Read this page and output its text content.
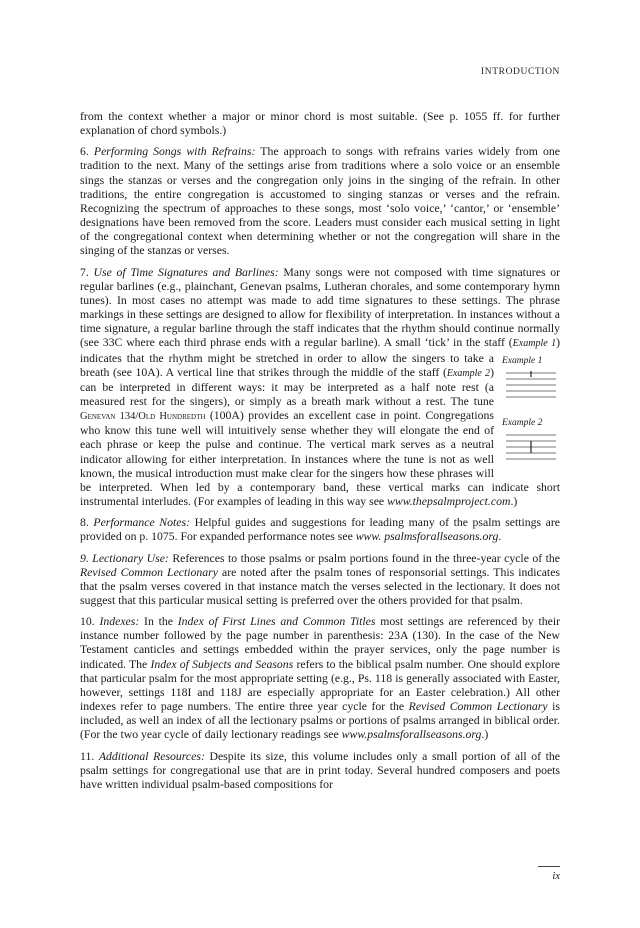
INTRODUCTION

from the context whether a major or minor chord is most suitable. (See p. 1055 ff. for further explanation of chord symbols.)

6. Performing Songs with Refrains: The approach to songs with refrains varies widely from one tradition to the next. Many of the settings arise from traditions where a solo voice or an ensemble sings the stanzas or verses and the congregation only joins in the singing of the refrain. In other traditions, the entire congregation is accustomed to singing stanzas or verses and the refrain. Recognizing the spectrum of approaches to these songs, most ‘solo voice,’ ‘cantor,’ or ‘ensemble’ designations have been removed from the score. Leaders must consider each musical setting in light of the congregational context when determining whether or not the congregation will share in the singing of the stanzas or verses.

7. Use of Time Signatures and Barlines: Many songs were not composed with time signatures or regular barlines (e.g., plainchant, Genevan psalms, Lutheran chorales, and some contemporary hymn tunes). In most cases no attempt was made to add time signatures to these settings. The phrase markings in these settings are designed to allow for flexibility of interpretation. In instances without a time signature, a regular barline through the staff indicates that the rhythm should continue normally (see 33C where each third phrase ends with a regular barline). A small ‘tick’ in the staff (
Example 1
Example 2
Example 1) indicates that the rhythm might be stretched in order to allow the singers to take a breath (see 10A). A vertical line that strikes through the middle of the staff (Example 2) can be interpreted in different ways: it may be interpreted as a half note rest (a measured rest for the singers), or simply as a breath mark without a rest. The tune Genevan 134/Old Hundredth (100A) provides an excellent case in point. Congregations who know this tune well will intuitively sense whether they will elongate the end of each phrase or keep the pulse and continue. The vertical mark serves as a neutral indicator allowing for either interpretation. In instances where the tune is not as well known, the musical introduction must make clear for the singers how these phrases will be interpreted. When led by a contemporary band, these vertical marks can indicate short instrumental interludes. (For examples of leading in this way see www.thepsalmproject.com.)

8. Performance Notes: Helpful guides and suggestions for leading many of the psalm settings are provided on p. 1075. For expanded performance notes see www. psalmsforallseasons.org.

9. Lectionary Use: References to those psalms or psalm portions found in the three-year cycle of the Revised Common Lectionary are noted after the psalm tones of responsorial settings. This indicates that the psalm verses covered in that instance match the verses selected in the lectionary. It does not suggest that this particular musical setting is preferred over the others provided for that psalm.

10. Indexes: In the Index of First Lines and Common Titles most settings are referenced by their instance number followed by the page number in parenthesis: 23A (130). In the case of the New Testament canticles and settings embedded within the prayer services, only the page number is indicated. The Index of Subjects and Seasons refers to the biblical psalm number. One should explore that particular psalm for the most appropriate setting (e.g., Ps. 118 is generally associated with Easter, however, settings 118I and 118J are especially appropriate for an Easter celebration.) All other indexes refer to page numbers. The entire three year cycle for the Revised Common Lectionary is included, as well an index of all the lectionary psalms or portions of psalms arranged in biblical order. (For the two year cycle of daily lectionary readings see www.psalmsforallseasons.org.)

11. Additional Resources: Despite its size, this volume includes only a small portion of all of the psalm settings for congregational use that are in print today. Several hundred composers and poets have written individual psalm-based compositions for

ix
